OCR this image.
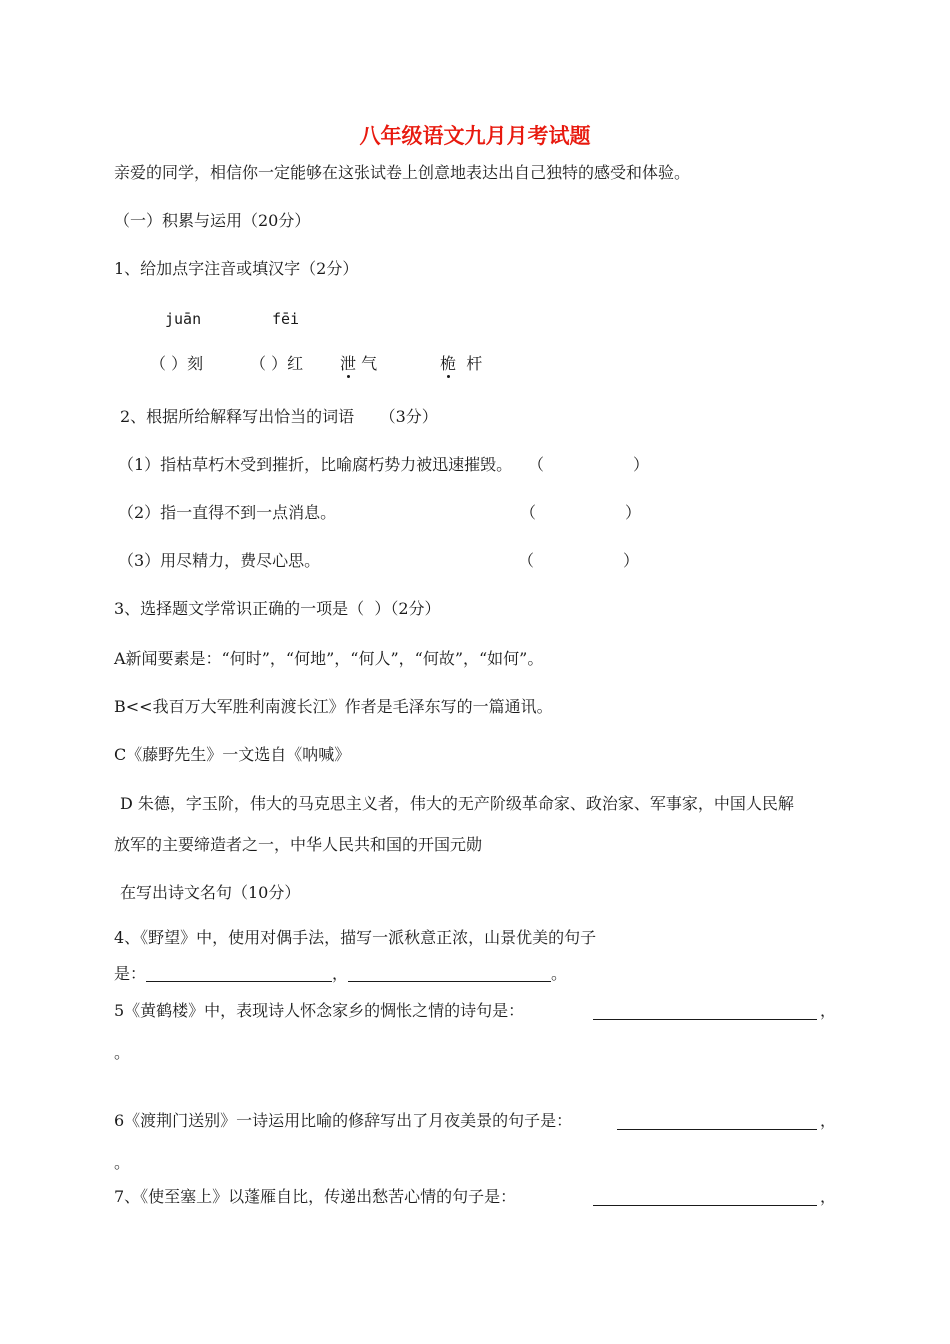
八年级语文九月月考试题
亲爱的同学，相信你一定能够在这张试卷上创意地表达出自己独特的感受和体验。
（一）积累与运用（20分）
1、给加点字注音或填汉字（2分）
juān	fēi
（ ）刻	（ ）红 泄 气	桅  杆
2、根据所给解释写出恰当的词语     （3分）
（1）指枯草朽木受到摧折，比喻腐朽势力被迅速摧毁。 （	）
（2）指一直得不到一点消息。	（	）
（3）用尽精力，费尽心思。	（	）
3、选择题文学常识正确的一项是（  ）（2分）
A新闻要素是：“何时”，“何地”，“何人”，“何故”，“如何”。
B<<我百万大军胜利南渡长江》作者是毛泽东写的一篇通讯。
C《藤野先生》一文选自《呐喊》
D 朱德，字玉阶，伟大的马克思主义者，伟大的无产阶级革命家、政治家、军事家，中国人民解
放军的主要缔造者之一，中华人民共和国的开国元勋
在写出诗文名句（10分）
4、《野望》中，使用对偶手法，描写一派秋意正浓，山景优美的句子
是：	，	。
5《黄鹤楼》中，表现诗人怀念家乡的惆怅之情的诗句是：	，
。
6《渡荆门送别》一诗运用比喻的修辞写出了月夜美景的句子是：	，
。
7、《使至塞上》以蓬雁自比，传递出愁苦心情的句子是：	，
